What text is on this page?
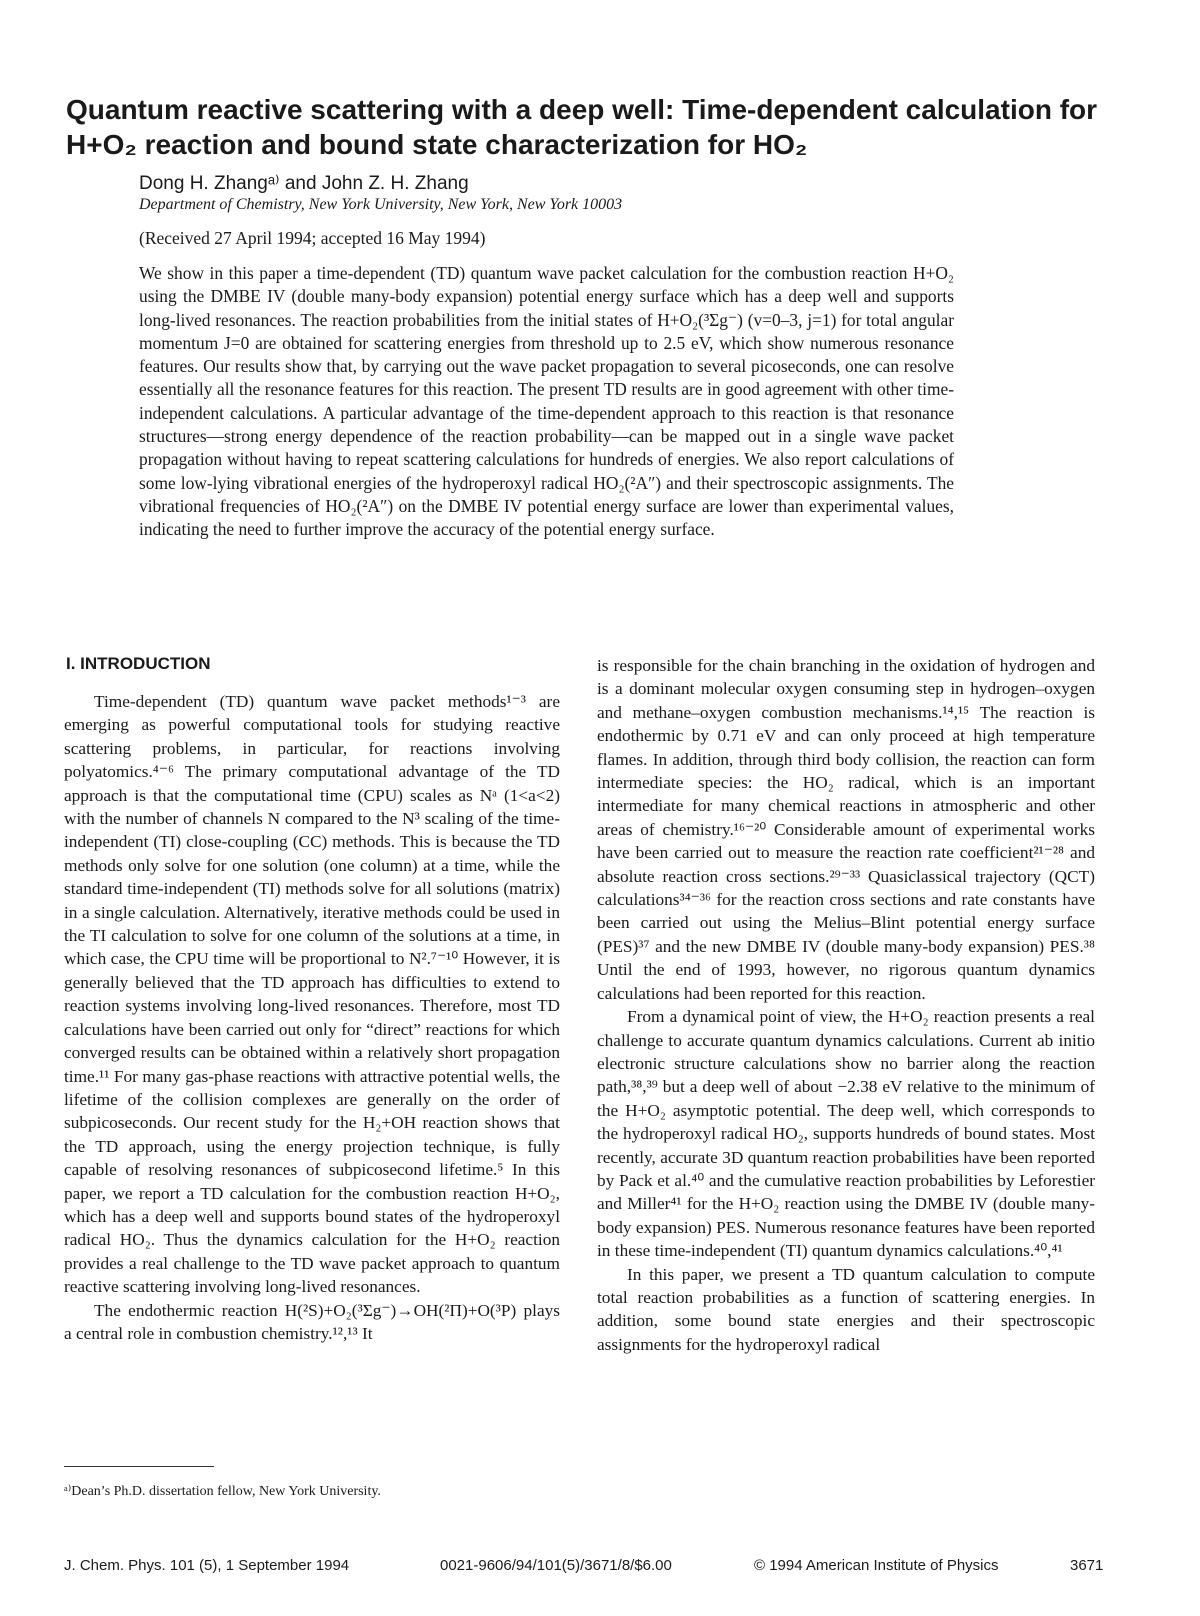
Quantum reactive scattering with a deep well: Time-dependent calculation for H+O₂ reaction and bound state characterization for HO₂
Dong H. Zhangᵃ⁾ and John Z. H. Zhang
Department of Chemistry, New York University, New York, New York 10003
(Received 27 April 1994; accepted 16 May 1994)

We show in this paper a time-dependent (TD) quantum wave packet calculation for the combustion reaction H+O₂ using the DMBE IV (double many-body expansion) potential energy surface which has a deep well and supports long-lived resonances. The reaction probabilities from the initial states of H+O₂(³Σg⁻) (v=0–3, j=1) for total angular momentum J=0 are obtained for scattering energies from threshold up to 2.5 eV, which show numerous resonance features. Our results show that, by carrying out the wave packet propagation to several picoseconds, one can resolve essentially all the resonance features for this reaction. The present TD results are in good agreement with other time-independent calculations. A particular advantage of the time-dependent approach to this reaction is that resonance structures—strong energy dependence of the reaction probability—can be mapped out in a single wave packet propagation without having to repeat scattering calculations for hundreds of energies. We also report calculations of some low-lying vibrational energies of the hydroperoxyl radical HO₂(²A″) and their spectroscopic assignments. The vibrational frequencies of HO₂(²A″) on the DMBE IV potential energy surface are lower than experimental values, indicating the need to further improve the accuracy of the potential energy surface.

I. INTRODUCTION

Time-dependent (TD) quantum wave packet methods¹⁻³ are emerging as powerful computational tools for studying reactive scattering problems, in particular, for reactions involving polyatomics.⁴⁻⁶ The primary computational advantage of the TD approach is that the computational time (CPU) scales as Nᵃ (1<a<2) with the number of channels N compared to the N³ scaling of the time-independent (TI) close-coupling (CC) methods. This is because the TD methods only solve for one solution (one column) at a time, while the standard time-independent (TI) methods solve for all solutions (matrix) in a single calculation. Alternatively, iterative methods could be used in the TI calculation to solve for one column of the solutions at a time, in which case, the CPU time will be proportional to N².⁷⁻¹⁰ However, it is generally believed that the TD approach has difficulties to extend to reaction systems involving long-lived resonances. Therefore, most TD calculations have been carried out only for “direct” reactions for which converged results can be obtained within a relatively short propagation time.¹¹ For many gas-phase reactions with attractive potential wells, the lifetime of the collision complexes are generally on the order of subpicoseconds. Our recent study for the H₂+OH reaction shows that the TD approach, using the energy projection technique, is fully capable of resolving resonances of subpicosecond lifetime.⁵ In this paper, we report a TD calculation for the combustion reaction H+O₂, which has a deep well and supports bound states of the hydroperoxyl radical HO₂. Thus the dynamics calculation for the H+O₂ reaction provides a real challenge to the TD wave packet approach to quantum reactive scattering involving long-lived resonances.

The endothermic reaction H(²S)+O₂(³Σg⁻)→OH(²Π)+O(³P) plays a central role in combustion chemistry.¹²,¹³ It

is responsible for the chain branching in the oxidation of hydrogen and is a dominant molecular oxygen consuming step in hydrogen–oxygen and methane–oxygen combustion mechanisms.¹⁴,¹⁵ The reaction is endothermic by 0.71 eV and can only proceed at high temperature flames. In addition, through third body collision, the reaction can form intermediate species: the HO₂ radical, which is an important intermediate for many chemical reactions in atmospheric and other areas of chemistry.¹⁶⁻²⁰ Considerable amount of experimental works have been carried out to measure the reaction rate coefficient²¹⁻²⁸ and absolute reaction cross sections.²⁹⁻³³ Quasiclassical trajectory (QCT) calculations³⁴⁻³⁶ for the reaction cross sections and rate constants have been carried out using the Melius–Blint potential energy surface (PES)³⁷ and the new DMBE IV (double many-body expansion) PES.³⁸ Until the end of 1993, however, no rigorous quantum dynamics calculations had been reported for this reaction.

From a dynamical point of view, the H+O₂ reaction presents a real challenge to accurate quantum dynamics calculations. Current ab initio electronic structure calculations show no barrier along the reaction path,³⁸,³⁹ but a deep well of about −2.38 eV relative to the minimum of the H+O₂ asymptotic potential. The deep well, which corresponds to the hydroperoxyl radical HO₂, supports hundreds of bound states. Most recently, accurate 3D quantum reaction probabilities have been reported by Pack et al.⁴⁰ and the cumulative reaction probabilities by Leforestier and Miller⁴¹ for the H+O₂ reaction using the DMBE IV (double many-body expansion) PES. Numerous resonance features have been reported in these time-independent (TI) quantum dynamics calculations.⁴⁰,⁴¹

In this paper, we present a TD quantum calculation to compute total reaction probabilities as a function of scattering energies. In addition, some bound state energies and their spectroscopic assignments for the hydroperoxyl radical

ᵃ⁾Dean’s Ph.D. dissertation fellow, New York University.
J. Chem. Phys. 101 (5), 1 September 1994	0021-9606/94/101(5)/3671/8/$6.00	© 1994 American Institute of Physics	3671
